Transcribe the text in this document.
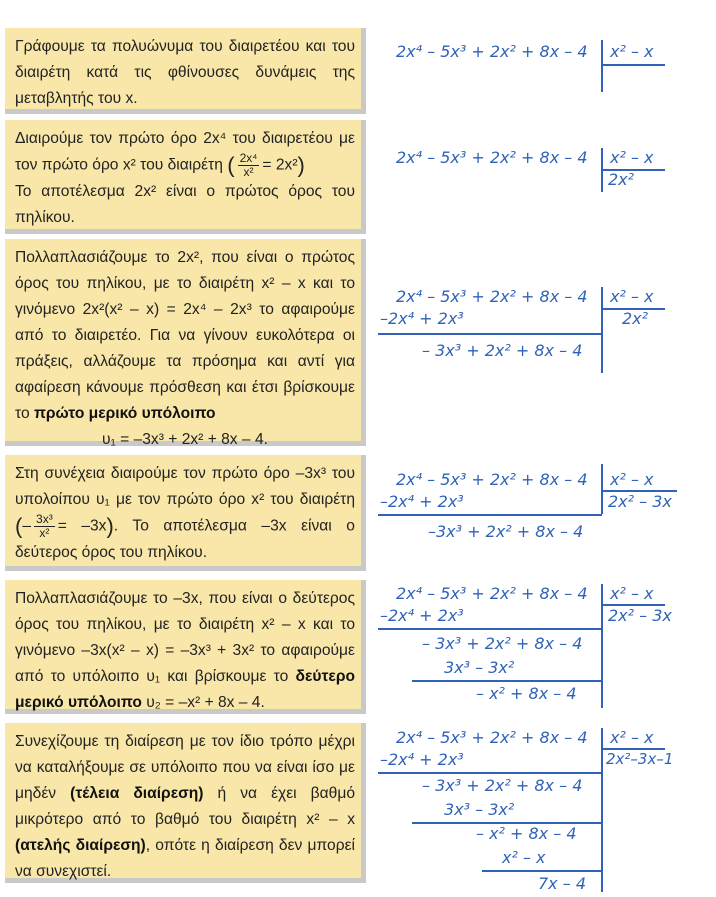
Γράφουμε τα πολυώνυμα του διαιρετέου και του διαιρέτη κατά τις φθίνουσες δυνάμεις της μεταβλητής του x.

Διαιρούμε τον πρώτο όρο 2x⁴ του διαιρετέου με τον πρώτο όρο x² του διαιρέτη ( $\frac{\text{2x⁴}}{\text{x²}} = 2x^2$)

Το αποτέλεσμα 2x² είναι ο πρώτος όρος του πηλίκου.

Πολλαπλασιάζουμε το 2x², που είναι ο πρώτος όρος του πηλίκου, με το διαιρέτη x² – x και το γινόμενο 2x²(x² – x) = 2x⁴ – 2x³ το αφαιρούμε από το διαιρετέο. Για να γίνουν ευκολότερα οι πράξεις, αλλάζουμε τα πρόσημα και αντί για αφαίρεση κάνουμε πρόσθεση και έτσι βρίσκουμε το πρώτο μερικό υπόλοιπο

υ₁ = –3x³ + 2x² + 8x – 4.

Στη συνέχεια διαιρούμε τον πρώτο όρο –3x³ του υπολοίπου υ₁ με τον πρώτο όρο x² του διαιρέτη (– $\frac{\text{3x³}}{\text{x²}} = -3x$). Το αποτέλεσμα –3x είναι ο δεύτερος όρος του πηλίκου.

Πολλαπλασιάζουμε το –3x, που είναι ο δεύτερος όρος του πηλίκου, με το διαιρέτη x² – x και το γινόμενο –3x(x² – x) = –3x³ + 3x² το αφαιρούμε από το υπόλοιπο υ₁ και βρίσκουμε το δεύτερο μερικό υπόλοιπο υ₂ = –x² + 8x – 4.

Συνεχίζουμε τη διαίρεση με τον ίδιο τρόπο μέχρι να καταλήξουμε σε υπόλοιπο που να είναι ίσο με μηδέν (τέλεια διαίρεση) ή να έχει βαθμό μικρότερο από το βαθμό του διαιρέτη x² – x (ατελής διαίρεση), οπότε η διαίρεση δεν μπορεί να συνεχιστεί.

2x⁴ – 5x³ + 2x² + 8x – 4 x² – x
2x⁴ – 5x³ + 2x² + 8x – 4 x² – x
2x²
2x⁴ – 5x³ + 2x² + 8x – 4 x² – x
2x²
–2x⁴ + 2x³
– 3x³ + 2x² + 8x – 4
2x⁴ – 5x³ + 2x² + 8x – 4 x² – x
2x² – 3x
–2x⁴ + 2x³
–3x³ + 2x² + 8x – 4
2x⁴ – 5x³ + 2x² + 8x – 4 x² – x
2x² – 3x
–2x⁴ + 2x³
– 3x³ + 2x² + 8x – 4
3x³ – 3x²
– x² + 8x – 4
2x⁴ – 5x³ + 2x² + 8x – 4 x² – x
2x²–3x–1
–2x⁴ + 2x³
– 3x³ + 2x² + 8x – 4
3x³ – 3x²
– x² + 8x – 4
x² – x
7x – 4
